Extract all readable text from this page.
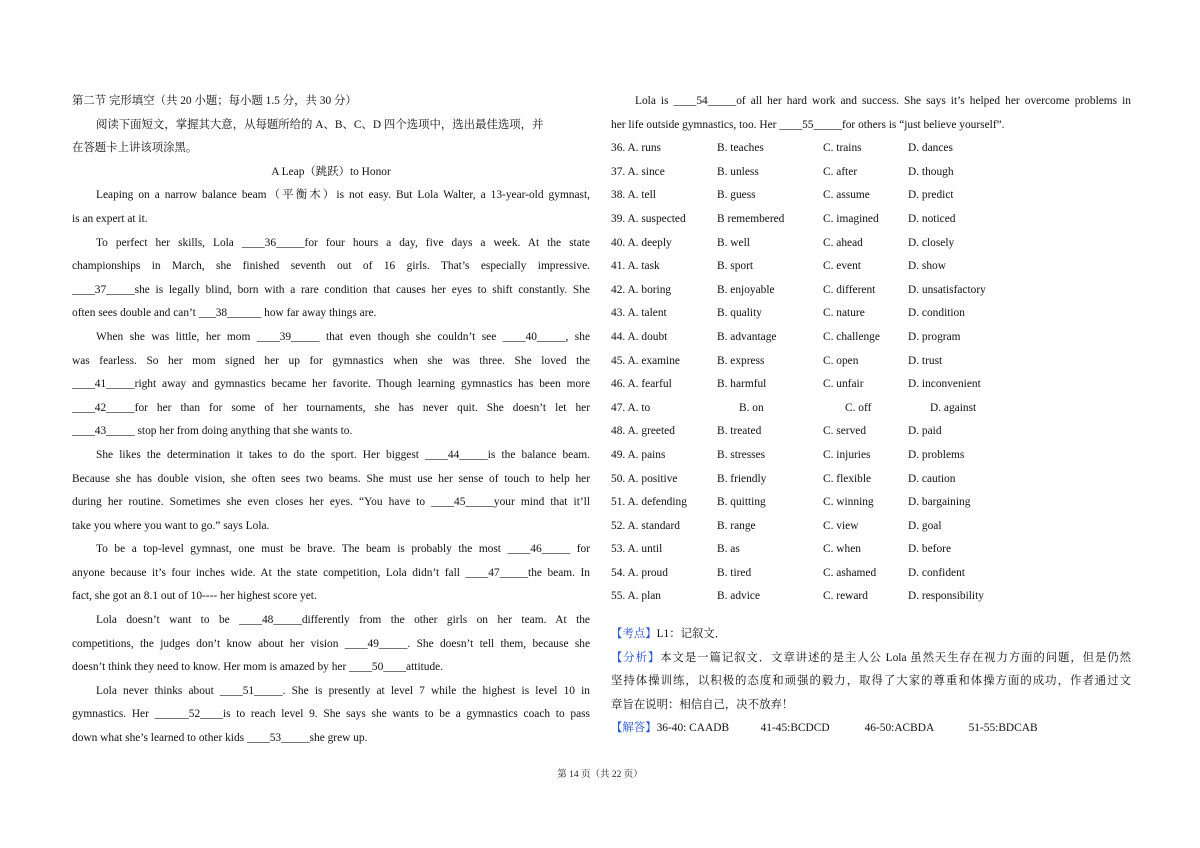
第二节 完形填空（共 20 小题；每小题 1.5 分，共 30 分）
阅读下面短文，掌握其大意，从每题所给的 A、B、C、D 四个选项中，选出最佳选项，并
在答题卡上讲该项涂黑。
A Leap（跳跃）to Honor
Leaping on a narrow balance beam（平衡木）is not easy. But Lola Walter, a 13-year-old gymnast,
is an expert at it.
To perfect her skills, Lola ____36_____for four hours a day, five days a week. At the state
championships in March, she finished seventh out of 16 girls. That’s especially impressive.
____37_____she is legally blind, born with a rare condition that causes her eyes to shift constantly. She
often sees double and can’t ___38______ how far away things are.
When she was little, her mom ____39_____ that even though she couldn’t see ____40_____, she
was fearless. So her mom signed her up for gymnastics when she was three. She loved the
____41_____right away and gymnastics became her favorite. Though learning gymnastics has been more
____42_____for her than for some of her tournaments, she has never quit. She doesn’t let her
____43_____ stop her from doing anything that she wants to.
She likes the determination it takes to do the sport. Her biggest ____44_____is the balance beam.
Because she has double vision, she often sees two beams. She must use her sense of touch to help her
during her routine. Sometimes she even closes her eyes. “You have to ____45_____your mind that it’ll
take you where you want to go.” says Lola.
To be a top-level gymnast, one must be brave. The beam is probably the most ____46_____ for
anyone because it’s four inches wide. At the state competition, Lola didn’t fall ____47_____the beam. In
fact, she got an 8.1 out of 10---- her highest score yet.
Lola doesn’t want to be ____48_____differently from the other girls on her team. At the
competitions, the judges don’t know about her vision ____49_____. She doesn’t tell them, because she
doesn’t think they need to know. Her mom is amazed by her ____50____attitude.
Lola never thinks about ____51_____. She is presently at level 7 while the highest is level 10 in
gymnastics. Her ______52____is to reach level 9. She says she wants to be a gymnastics coach to pass
down what she’s learned to other kids ____53_____she grew up.
Lola is ____54_____of all her hard work and success. She says it’s helped her overcome problems in
her life outside gymnastics, too. Her ____55_____for others is “just believe yourself”.
36. A. runs	B. teaches	C. trains	D. dances
37. A. since	B. unless	C. after	D. though
38. A. tell	B. guess	C. assume	D. predict
39. A. suspected	B remembered	C. imagined	D. noticed
40. A. deeply	B. well	C. ahead	D. closely
41. A. task	B. sport	C. event	D. show
42. A. boring	B. enjoyable	C. different	D. unsatisfactory
43. A. talent	B. quality	C. nature	D. condition
44. A. doubt	B. advantage	C. challenge	D. program
45. A. examine	B. express	C. open	D. trust
46. A. fearful	B. harmful	C. unfair	D. inconvenient
47. A. to	B. on	C. off	D. against
48. A. greeted	B. treated	C. served	D. paid
49. A. pains	B. stresses	C. injuries	D. problems
50. A. positive	B. friendly	C. flexible	D. caution
51. A. defending	B. quitting	C. winning	D. bargaining
52. A. standard	B. range	C. view	D. goal
53. A. until	B. as	C. when	D. before
54. A. proud	B. tired	C. ashamed	D. confident
55. A. plan	B. advice	C. reward	D. responsibility
【考点】L1：记叙文．
【分析】本文是一篇记叙文．文章讲述的是主人公 Lola 虽然天生存在视力方面的问题，但是仍然
坚持体操训练，以积极的态度和顽强的毅力，取得了大家的尊重和体操方面的成功，作者通过文
章旨在说明：相信自己，决不放弃！
【解答】36-40: CAADB	41-45:BCDCD	46-50:ACBDA	51-55:BDCAB
第 14 页（共 22 页）
